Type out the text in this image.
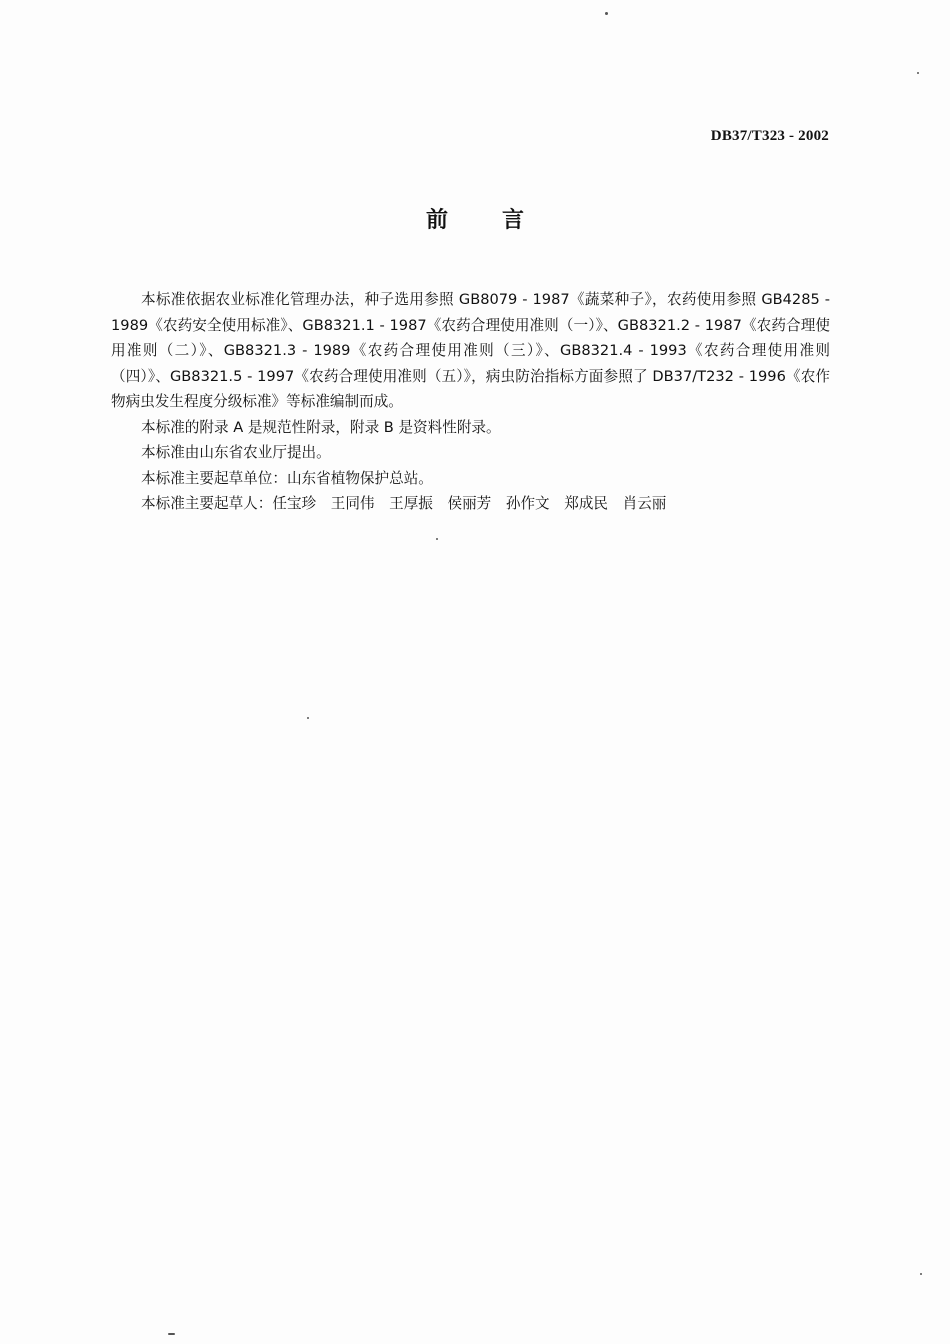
DB37/T323 - 2002
前言

本标准依据农业标准化管理办法，种子选用参照 GB8079 - 1987《蔬菜种子》，农药使用参照 GB4285 - 1989《农药安全使用标准》、GB8321.1 - 1987《农药合理使用准则（一）》、GB8321.2 - 1987《农药合理使用准则（二）》、GB8321.3 - 1989《农药合理使用准则（三）》、GB8321.4 - 1993《农药合理使用准则（四）》、GB8321.5 - 1997《农药合理使用准则（五）》，病虫防治指标方面参照了 DB37/T232 - 1996《农作物病虫发生程度分级标准》等标准编制而成。

本标准的附录 A 是规范性附录，附录 B 是资料性附录。

本标准由山东省农业厅提出。

本标准主要起草单位：山东省植物保护总站。

本标准主要起草人：任宝珍　王同伟　王厚振　侯丽芳　孙作文　郑成民　肖云丽
